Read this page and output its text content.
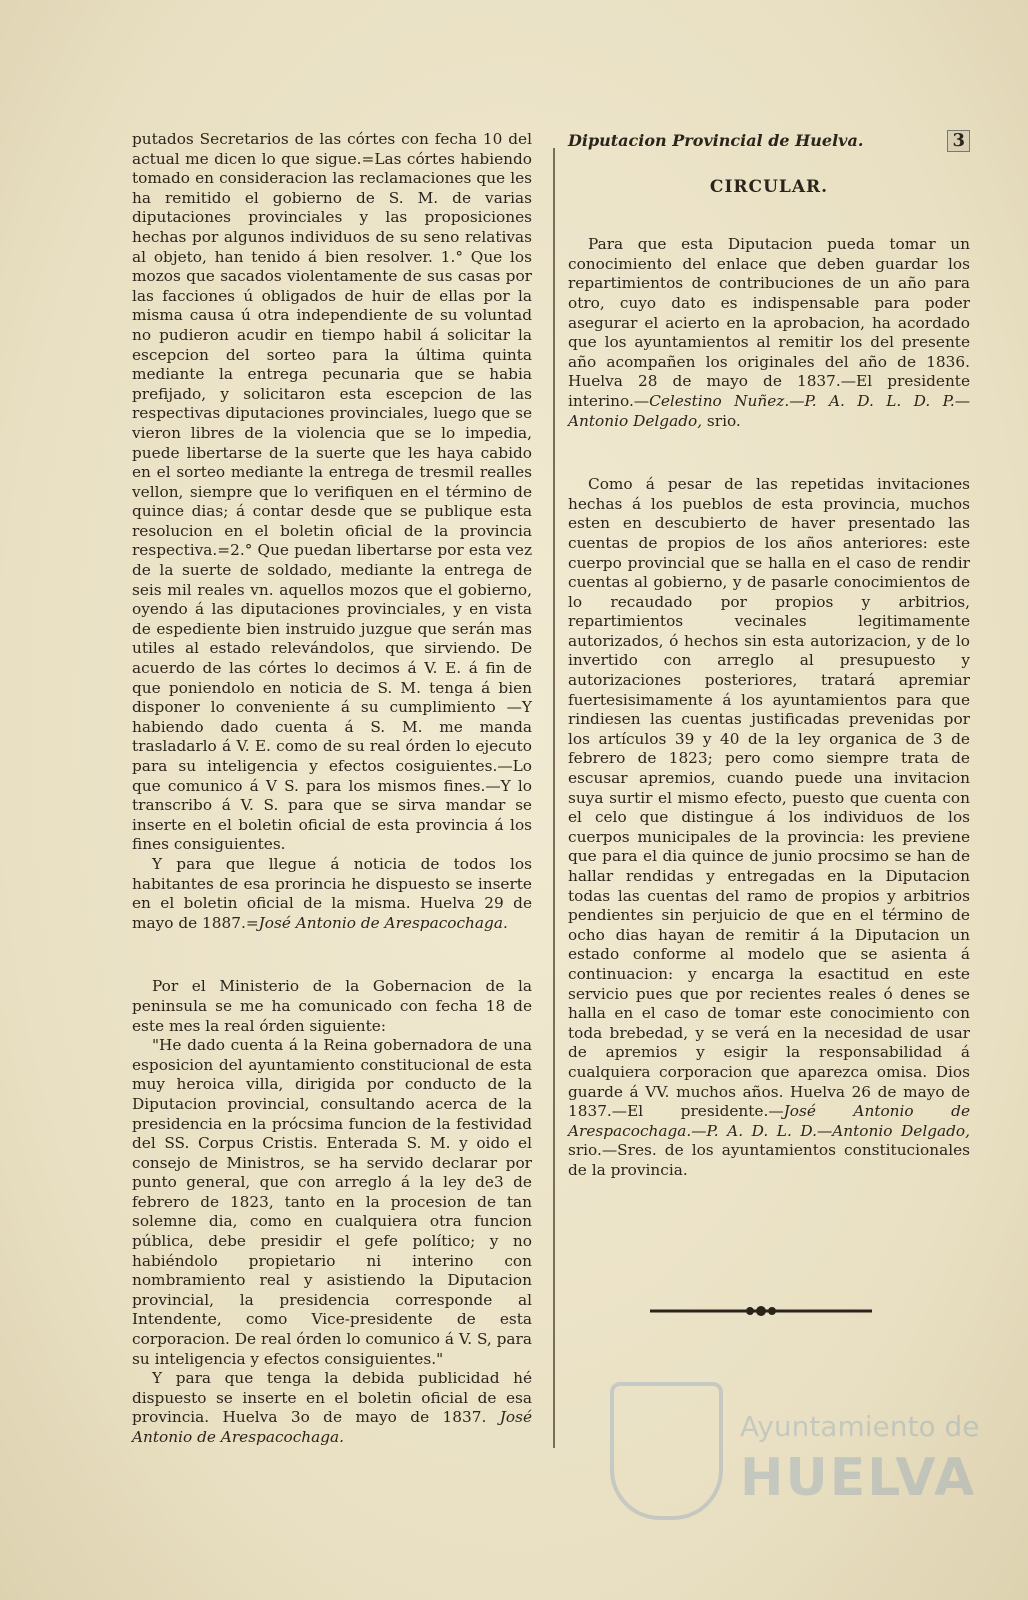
putados Secretarios de las córtes con fecha 10 del actual me dicen lo que sigue.=Las córtes habiendo tomado en consideracion las reclamaciones que les ha remitido el gobierno de S. M. de varias diputaciones provinciales y las proposiciones hechas por algunos individuos de su seno relativas al objeto, han tenido á bien resolver. 1.° Que los mozos que sacados violentamente de sus casas por las facciones ú obligados de huir de ellas por la misma causa ú otra independiente de su voluntad no pudieron acudir en tiempo habil á solicitar la escepcion del sorteo para la última quinta mediante la entrega pecunaria que se habia prefijado, y solicitaron esta escepcion de las respectivas diputaciones provinciales, luego que se vieron libres de la violencia que se lo impedia, puede libertarse de la suerte que les haya cabido en el sorteo mediante la entrega de tresmil realles vellon, siempre que lo verifiquen en el término de quince dias; á contar desde que se publique esta resolucion en el boletin oficial de la provincia respectiva.=2.° Que puedan libertarse por esta vez de la suerte de soldado, mediante la entrega de seis mil reales vn. aquellos mozos que el gobierno, oyendo á las diputaciones provinciales, y en vista de espediente bien instruido juzgue que serán mas utiles al estado relevándolos, que sirviendo. De acuerdo de las córtes lo decimos á V. E. á fin de que poniendolo en noticia de S. M. tenga á bien disponer lo conveniente á su cumplimiento —Y habiendo dado cuenta á S. M. me manda trasladarlo á V. E. como de su real órden lo ejecuto para su inteligencia y efectos cosiguientes.—Lo que comunico á V S. para los mismos fines.—Y lo transcribo á V. S. para que se sirva mandar se inserte en el boletin oficial de esta provincia á los fines consiguientes.

Y para que llegue á noticia de todos los habitantes de esa prorincia he dispuesto se inserte en el boletin oficial de la misma. Huelva 29 de mayo de 1887.=José Antonio de Arespacochaga.

Por el Ministerio de la Gobernacion de la peninsula se me ha comunicado con fecha 18 de este mes la real órden siguiente:

"He dado cuenta á la Reina gobernadora de una esposicion del ayuntamiento constitucional de esta muy heroica villa, dirigida por conducto de la Diputacion provincial, consultando acerca de la presidencia en la prócsima funcion de la festividad del SS. Corpus Cristis. Enterada S. M. y oido el consejo de Ministros, se ha servido declarar por punto general, que con arreglo á la ley de3 de febrero de 1823, tanto en la procesion de tan solemne dia, como en cualquiera otra funcion pública, debe presidir el gefe político; y no habiéndolo propietario ni interino con nombramiento real y asistiendo la Diputacion provincial, la presidencia corresponde al Intendente, como Vice-presidente de esta corporacion. De real órden lo comunico á V. S, para su inteligencia y efectos consiguientes."

Y para que tenga la debida publicidad hé dispuesto se inserte en el boletin oficial de esa provincia. Huelva 3o de mayo de 1837. José Antonio de Arespacochaga.

Diputacion Provincial de Huelva.	3
CIRCULAR.

Para que esta Diputacion pueda tomar un conocimiento del enlace que deben guardar los repartimientos de contribuciones de un año para otro, cuyo dato es indispensable para poder asegurar el acierto en la aprobacion, ha acordado que los ayuntamientos al remitir los del presente año acompañen los originales del año de 1836. Huelva 28 de mayo de 1837.—El presidente interino.—Celestino Nuñez.—P. A. D. L. D. P.—Antonio Delgado, srio.

Como á pesar de las repetidas invitaciones hechas á los pueblos de esta provincia, muchos esten en descubierto de haver presentado las cuentas de propios de los años anteriores: este cuerpo provincial que se halla en el caso de rendir cuentas al gobierno, y de pasarle conocimientos de lo recaudado por propios y arbitrios, repartimientos vecinales legitimamente autorizados, ó hechos sin esta autorizacion, y de lo invertido con arreglo al presupuesto y autorizaciones posteriores, tratará apremiar fuertesisimamente á los ayuntamientos para que rindiesen las cuentas justificadas prevenidas por los artículos 39 y 40 de la ley organica de 3 de febrero de 1823; pero como siempre trata de escusar apremios, cuando puede una invitacion suya surtir el mismo efecto, puesto que cuenta con el celo que distingue á los individuos de los cuerpos municipales de la provincia: les previene que para el dia quince de junio procsimo se han de hallar rendidas y entregadas en la Diputacion todas las cuentas del ramo de propios y arbitrios pendientes sin perjuicio de que en el término de ocho dias hayan de remitir á la Diputacion un estado conforme al modelo que se asienta á continuacion: y encarga la esactitud en este servicio pues que por recientes reales ó denes se halla en el caso de tomar este conocimiento con toda brebedad, y se verá en la necesidad de usar de apremios y esigir la responsabilidad á cualquiera corporacion que aparezca omisa. Dios guarde á VV. muchos años. Huelva 26 de mayo de 1837.—El presidente.—José Antonio de Arespacochaga.—P. A. D. L. D.—Antonio Delgado, srio.—Sres. de los ayuntamientos constitucionales de la provincia.

Ayuntamiento de
HUELVA
